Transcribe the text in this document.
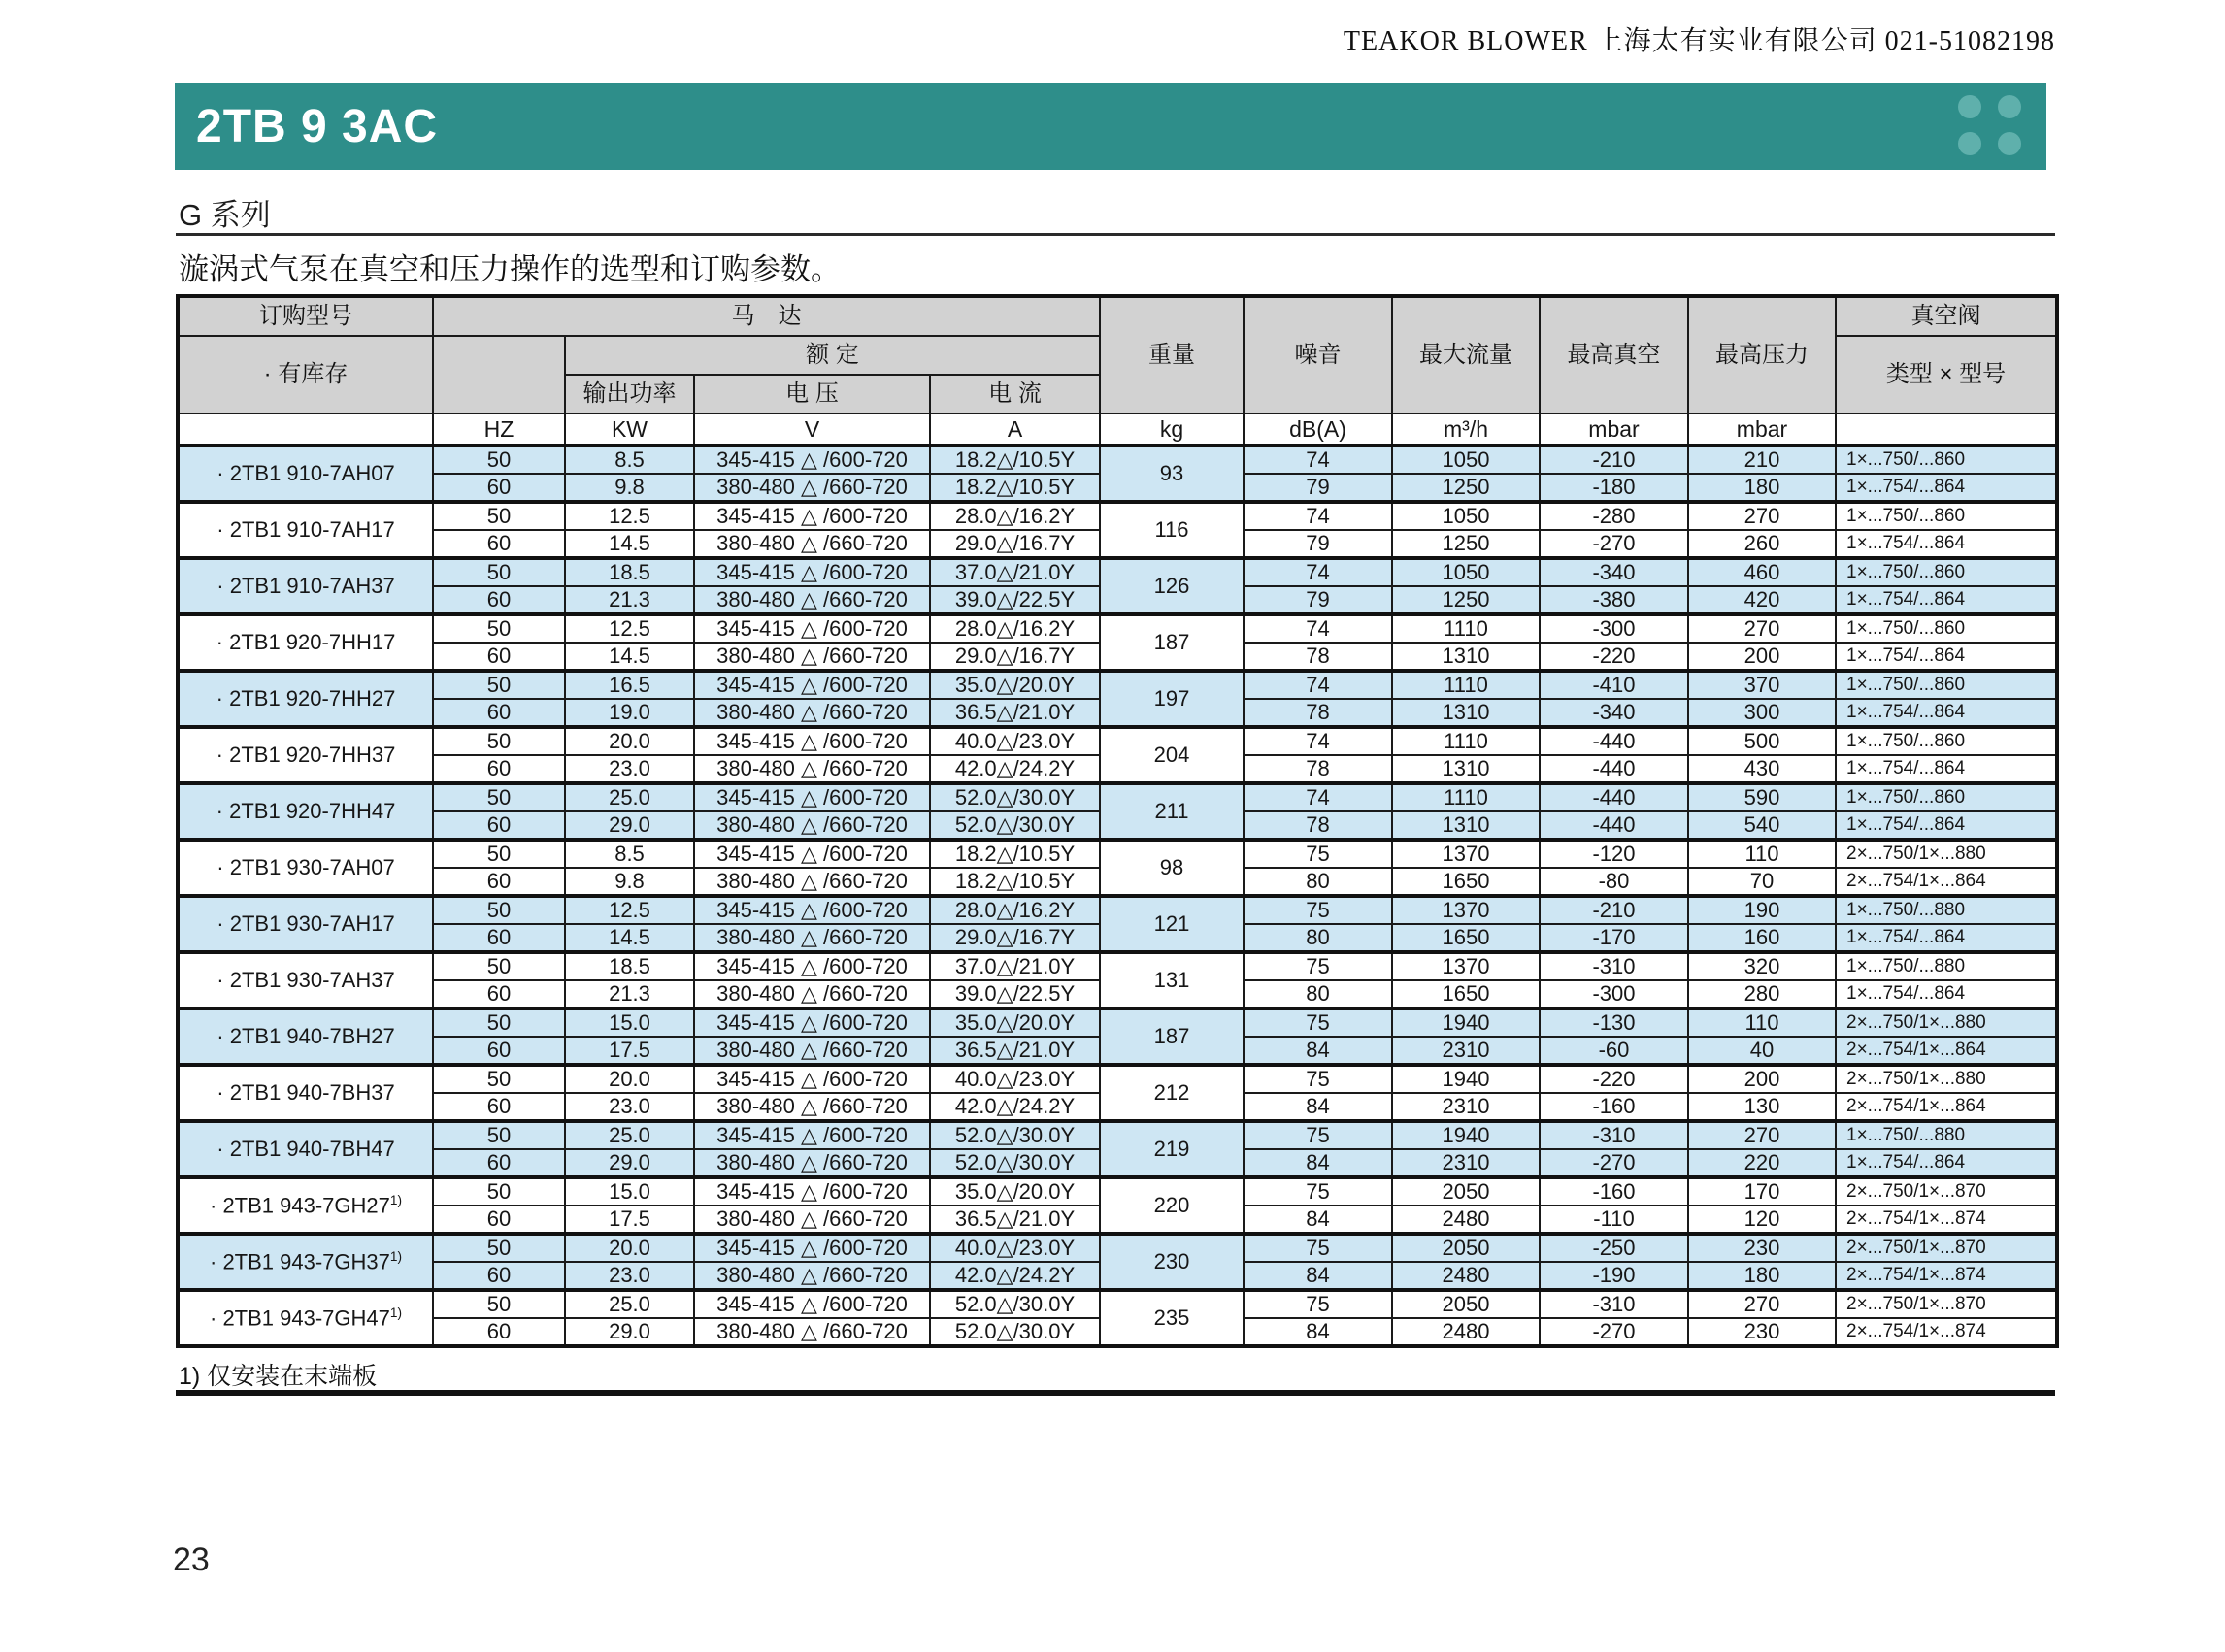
TEAKOR BLOWER 上海太有实业有限公司 021-51082198
2TB 9 3AC
G 系列
漩涡式气泵在真空和压力操作的选型和订购参数。
订购型号	马　达				重量	噪音	最大流量	最高真空	最高压力	真空阀
· 有库存		额 定								类型 × 型号
		输出功率	电 压	电 流						
	HZ	KW	V	A	kg	dB(A)	m³/h	mbar	mbar	
· 2TB1 910-7AH07	50	8.5	345-415 △ /600-720	18.2△/10.5Y	93	74	1050	-210	210	1×...750/...860
	60	9.8	380-480 △ /660-720	18.2△/10.5Y		79	1250	-180	180	1×...754/...864
· 2TB1 910-7AH17	50	12.5	345-415 △ /600-720	28.0△/16.2Y	116	74	1050	-280	270	1×...750/...860
	60	14.5	380-480 △ /660-720	29.0△/16.7Y		79	1250	-270	260	1×...754/...864
· 2TB1 910-7AH37	50	18.5	345-415 △ /600-720	37.0△/21.0Y	126	74	1050	-340	460	1×...750/...860
	60	21.3	380-480 △ /660-720	39.0△/22.5Y		79	1250	-380	420	1×...754/...864
· 2TB1 920-7HH17	50	12.5	345-415 △ /600-720	28.0△/16.2Y	187	74	1110	-300	270	1×...750/...860
	60	14.5	380-480 △ /660-720	29.0△/16.7Y		78	1310	-220	200	1×...754/...864
· 2TB1 920-7HH27	50	16.5	345-415 △ /600-720	35.0△/20.0Y	197	74	1110	-410	370	1×...750/...860
	60	19.0	380-480 △ /660-720	36.5△/21.0Y		78	1310	-340	300	1×...754/...864
· 2TB1 920-7HH37	50	20.0	345-415 △ /600-720	40.0△/23.0Y	204	74	1110	-440	500	1×...750/...860
	60	23.0	380-480 △ /660-720	42.0△/24.2Y		78	1310	-440	430	1×...754/...864
· 2TB1 920-7HH47	50	25.0	345-415 △ /600-720	52.0△/30.0Y	211	74	1110	-440	590	1×...750/...860
	60	29.0	380-480 △ /660-720	52.0△/30.0Y		78	1310	-440	540	1×...754/...864
· 2TB1 930-7AH07	50	8.5	345-415 △ /600-720	18.2△/10.5Y	98	75	1370	-120	110	2×...750/1×...880
	60	9.8	380-480 △ /660-720	18.2△/10.5Y		80	1650	-80	70	2×...754/1×...864
· 2TB1 930-7AH17	50	12.5	345-415 △ /600-720	28.0△/16.2Y	121	75	1370	-210	190	1×...750/...880
	60	14.5	380-480 △ /660-720	29.0△/16.7Y		80	1650	-170	160	1×...754/...864
· 2TB1 930-7AH37	50	18.5	345-415 △ /600-720	37.0△/21.0Y	131	75	1370	-310	320	1×...750/...880
	60	21.3	380-480 △ /660-720	39.0△/22.5Y		80	1650	-300	280	1×...754/...864
· 2TB1 940-7BH27	50	15.0	345-415 △ /600-720	35.0△/20.0Y	187	75	1940	-130	110	2×...750/1×...880
	60	17.5	380-480 △ /660-720	36.5△/21.0Y		84	2310	-60	40	2×...754/1×...864
· 2TB1 940-7BH37	50	20.0	345-415 △ /600-720	40.0△/23.0Y	212	75	1940	-220	200	2×...750/1×...880
	60	23.0	380-480 △ /660-720	42.0△/24.2Y		84	2310	-160	130	2×...754/1×...864
· 2TB1 940-7BH47	50	25.0	345-415 △ /600-720	52.0△/30.0Y	219	75	1940	-310	270	1×...750/...880
	60	29.0	380-480 △ /660-720	52.0△/30.0Y		84	2310	-270	220	1×...754/...864
· 2TB1 943-7GH27$^{1)}$	50	15.0	345-415 △ /600-720	35.0△/20.0Y	220	75	2050	-160	170	2×...750/1×...870
	60	17.5	380-480 △ /660-720	36.5△/21.0Y		84	2480	-110	120	2×...754/1×...874
· 2TB1 943-7GH37$^{1)}$	50	20.0	345-415 △ /600-720	40.0△/23.0Y	230	75	2050	-250	230	2×...750/1×...870
	60	23.0	380-480 △ /660-720	42.0△/24.2Y		84	2480	-190	180	2×...754/1×...874
· 2TB1 943-7GH47$^{1)}$	50	25.0	345-415 △ /600-720	52.0△/30.0Y	235	75	2050	-310	270	2×...750/1×...870
	60	29.0	380-480 △ /660-720	52.0△/30.0Y		84	2480	-270	230	2×...754/1×...874
1) 仅安装在末端板
23
